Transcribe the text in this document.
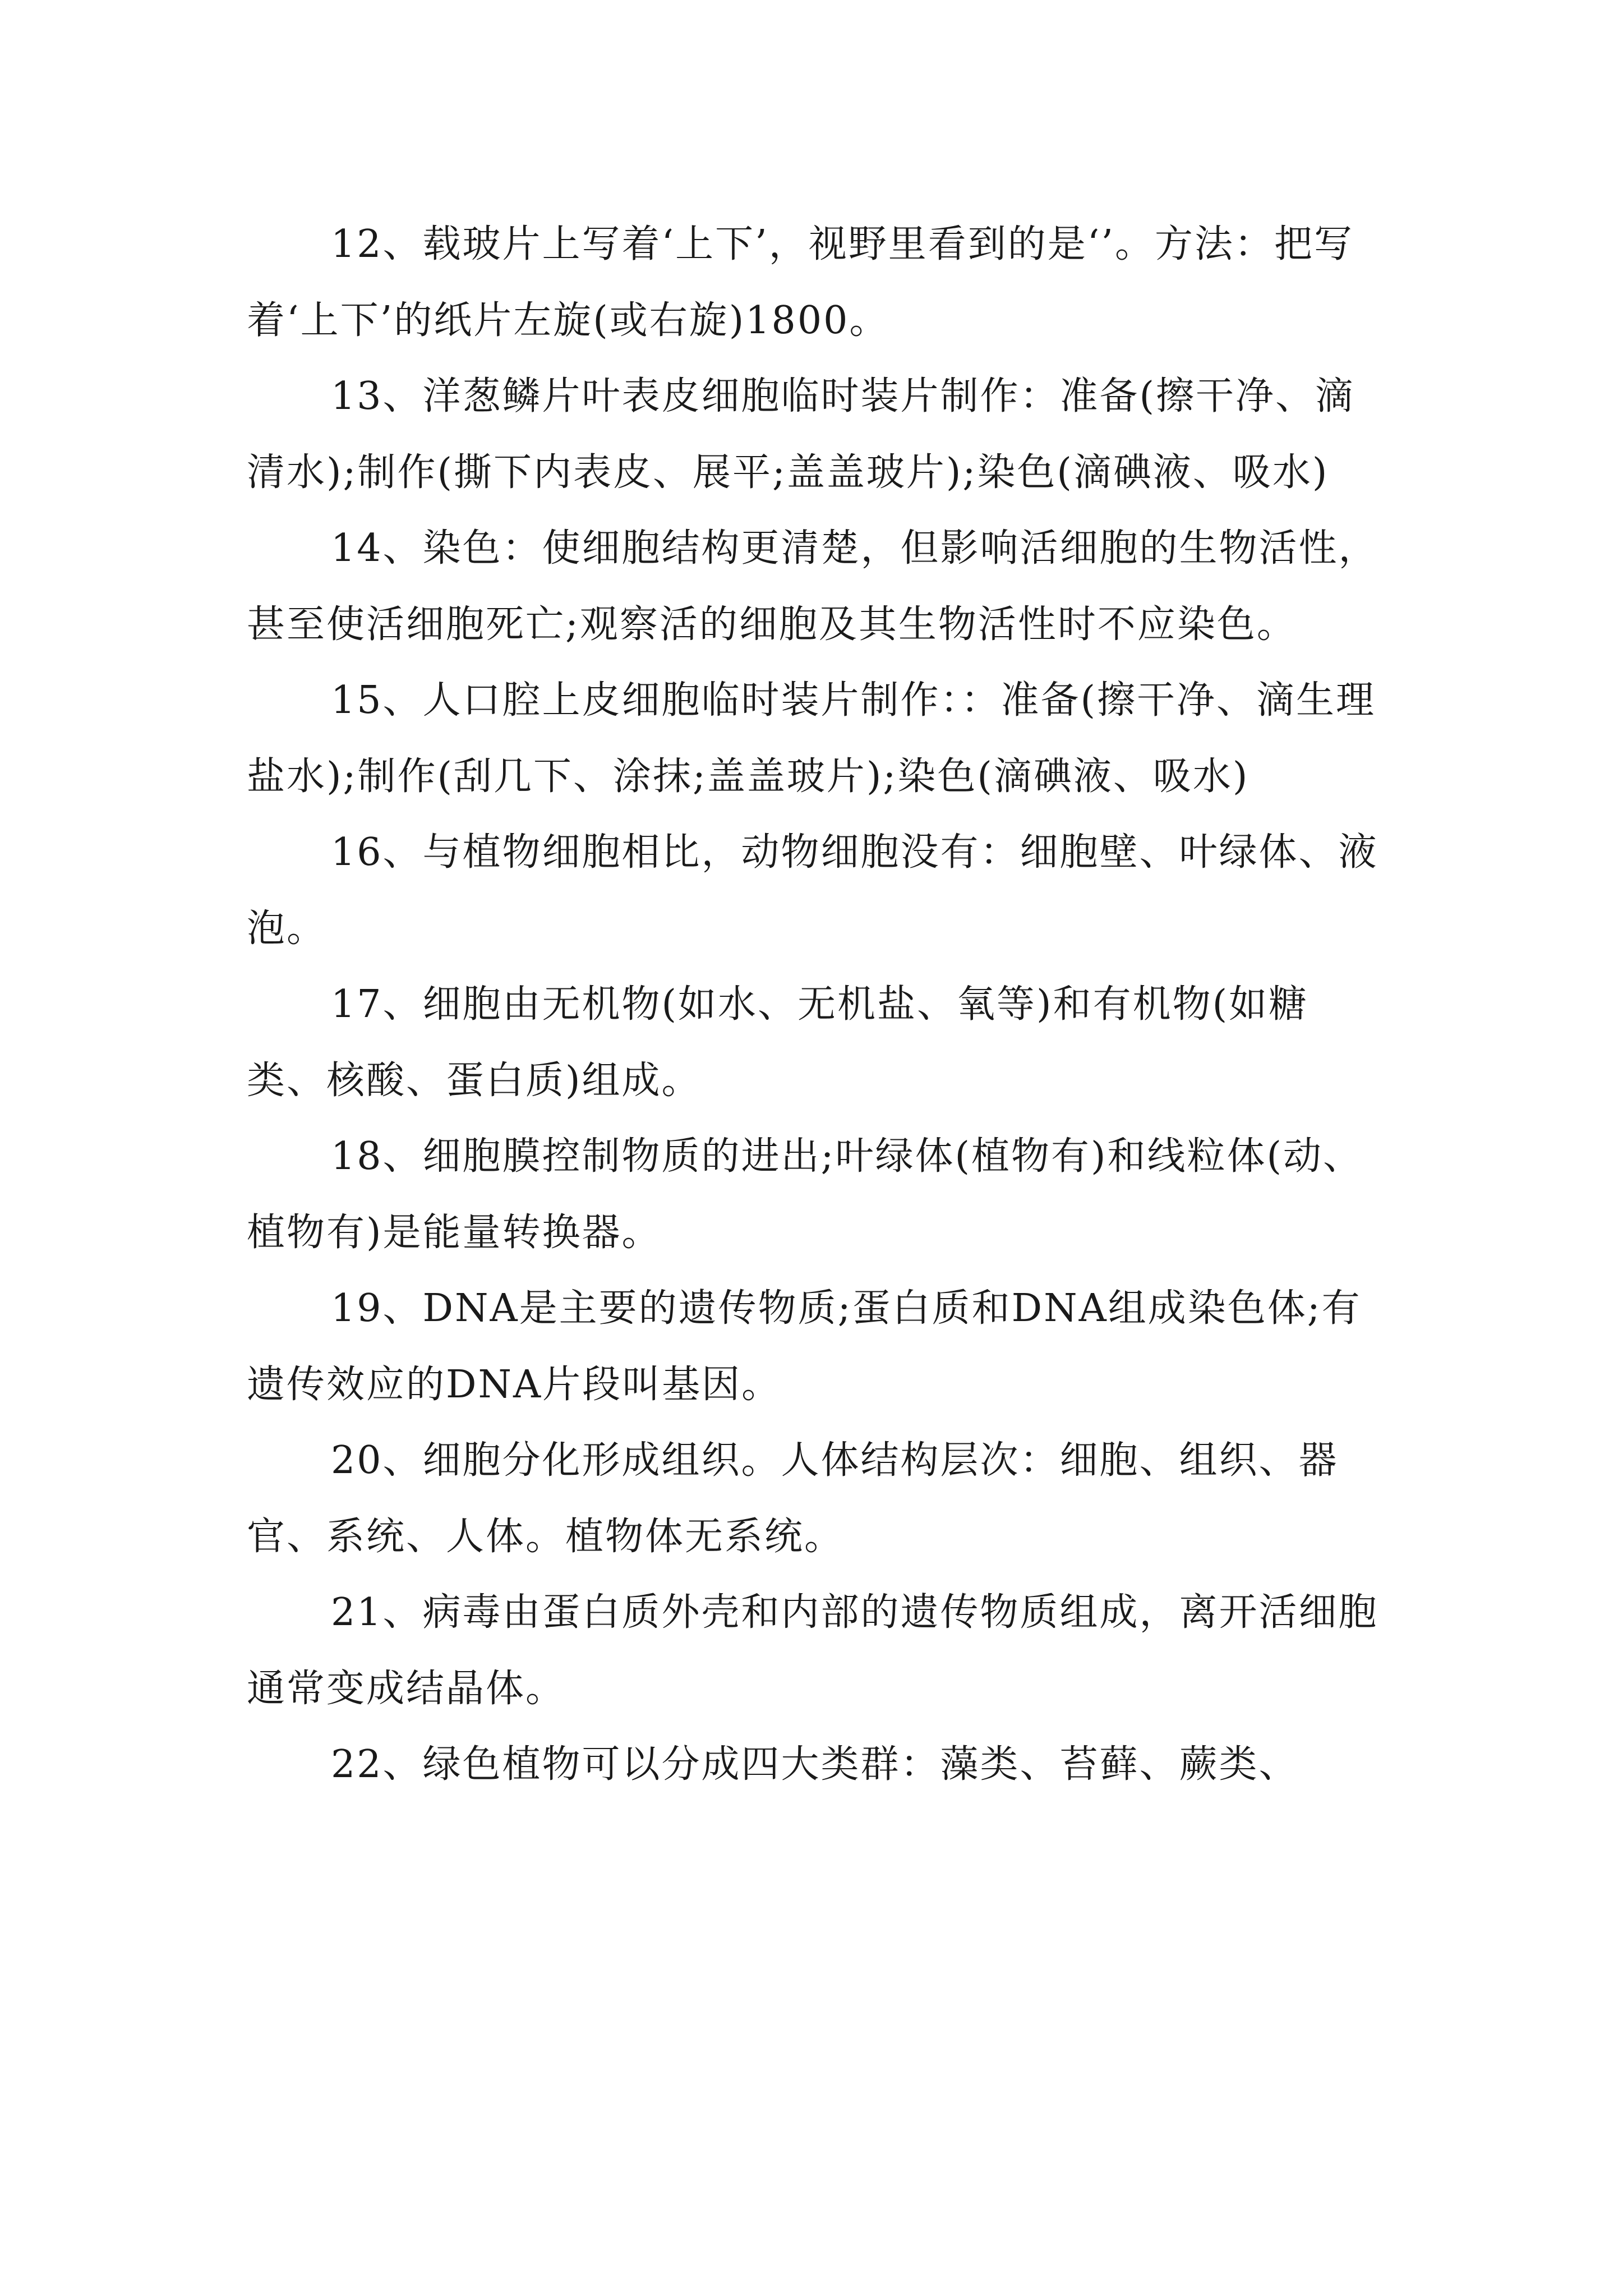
12、载玻片上写着‘上下’，视野里看到的是‘’。方法：把写着‘上下’的纸片左旋(或右旋)1800。

13、洋葱鳞片叶表皮细胞临时装片制作：准备(擦干净、滴清水);制作(撕下内表皮、展平;盖盖玻片);染色(滴碘液、吸水)

14、染色：使细胞结构更清楚，但影响活细胞的生物活性，甚至使活细胞死亡;观察活的细胞及其生物活性时不应染色。

15、人口腔上皮细胞临时装片制作：：准备(擦干净、滴生理盐水);制作(刮几下、涂抹;盖盖玻片);染色(滴碘液、吸水)

16、与植物细胞相比，动物细胞没有：细胞壁、叶绿体、液泡。

17、细胞由无机物(如水、无机盐、氧等)和有机物(如糖类、核酸、蛋白质)组成。

18、细胞膜控制物质的进出;叶绿体(植物有)和线粒体(动、植物有)是能量转换器。

19、DNA是主要的遗传物质;蛋白质和DNA组成染色体;有遗传效应的DNA片段叫基因。

20、细胞分化形成组织。人体结构层次：细胞、组织、器官、系统、人体。植物体无系统。

21、病毒由蛋白质外壳和内部的遗传物质组成，离开活细胞通常变成结晶体。

22、绿色植物可以分成四大类群：藻类、苔藓、蕨类、
